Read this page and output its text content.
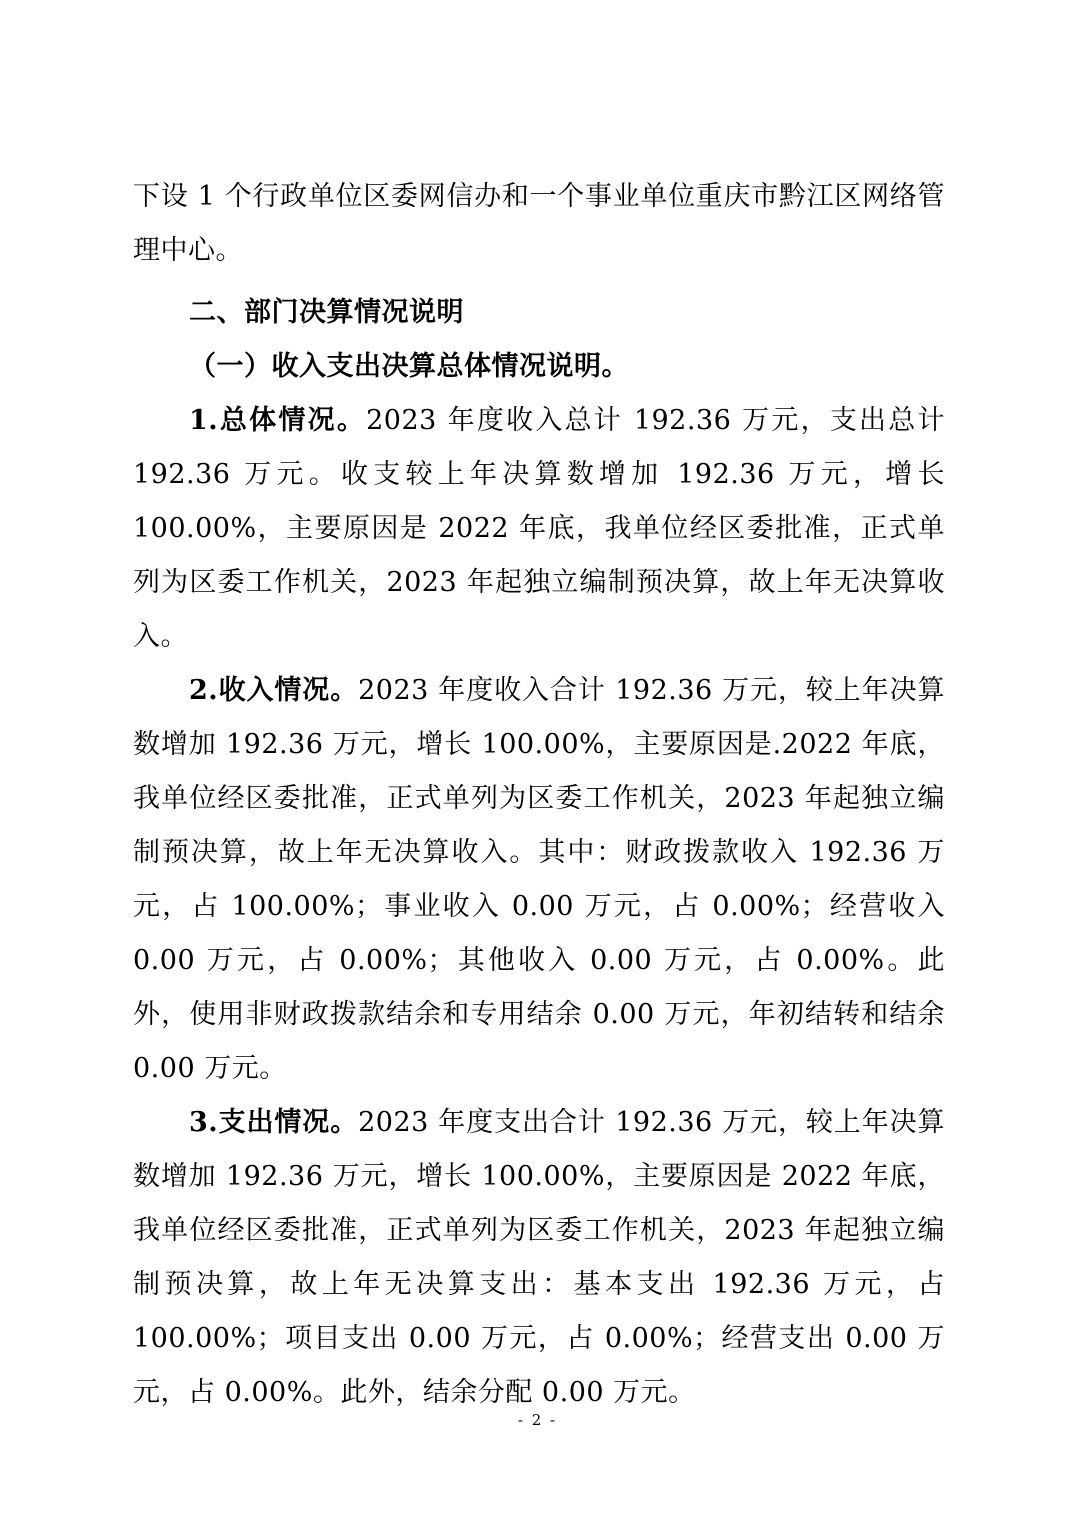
下设 1 个行政单位区委网信办和一个事业单位重庆市黔江区网络管理中心。

二、部门决算情况说明

（一）收入支出决算总体情况说明。

1.总体情况。2023 年度收入总计 192.36 万元，支出总计 192.36 万元。收支较上年决算数增加 192.36 万元，增长 100.00%，主要原因是 2022 年底，我单位经区委批准，正式单列为区委工作机关，2023 年起独立编制预决算，故上年无决算收入。

2.收入情况。2023 年度收入合计 192.36 万元，较上年决算数增加 192.36 万元，增长 100.00%，主要原因是.2022 年底，我单位经区委批准，正式单列为区委工作机关，2023 年起独立编制预决算，故上年无决算收入。其中：财政拨款收入 192.36 万元，占 100.00%；事业收入 0.00 万元，占 0.00%；经营收入 0.00 万元，占 0.00%；其他收入 0.00 万元，占 0.00%。此外，使用非财政拨款结余和专用结余 0.00 万元，年初结转和结余 0.00 万元。

3.支出情况。2023 年度支出合计 192.36 万元，较上年决算数增加 192.36 万元，增长 100.00%，主要原因是 2022 年底，我单位经区委批准，正式单列为区委工作机关，2023 年起独立编制预决算，故上年无决算支出：基本支出 192.36 万元，占 100.00%；项目支出 0.00 万元，占 0.00%；经营支出 0.00 万元，占 0.00%。此外，结余分配 0.00 万元。

- 2 -
